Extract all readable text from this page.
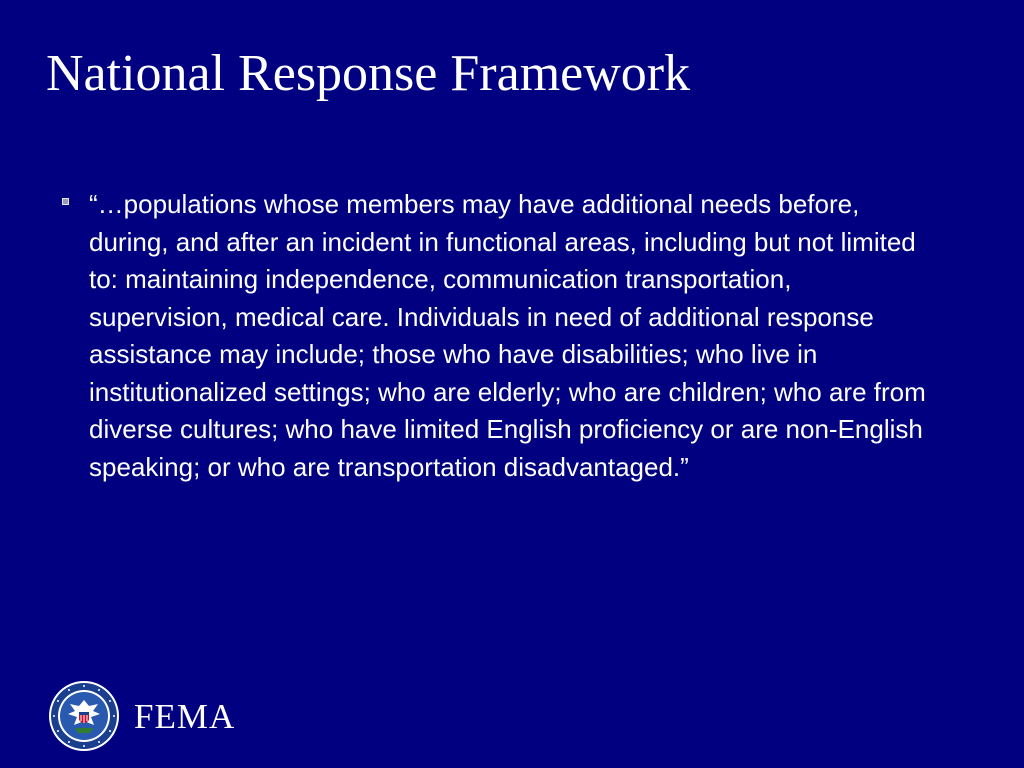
National Response Framework
“…populations whose members may have additional needs before, during, and after an incident in functional areas, including but not limited to: maintaining independence, communication transportation, supervision, medical care. Individuals in need of additional response assistance may include; those who have disabilities; who live in institutionalized settings; who are elderly; who are children; who are from diverse cultures; who have limited English proficiency or are non-English speaking; or who are transportation disadvantaged.”
FEMA
